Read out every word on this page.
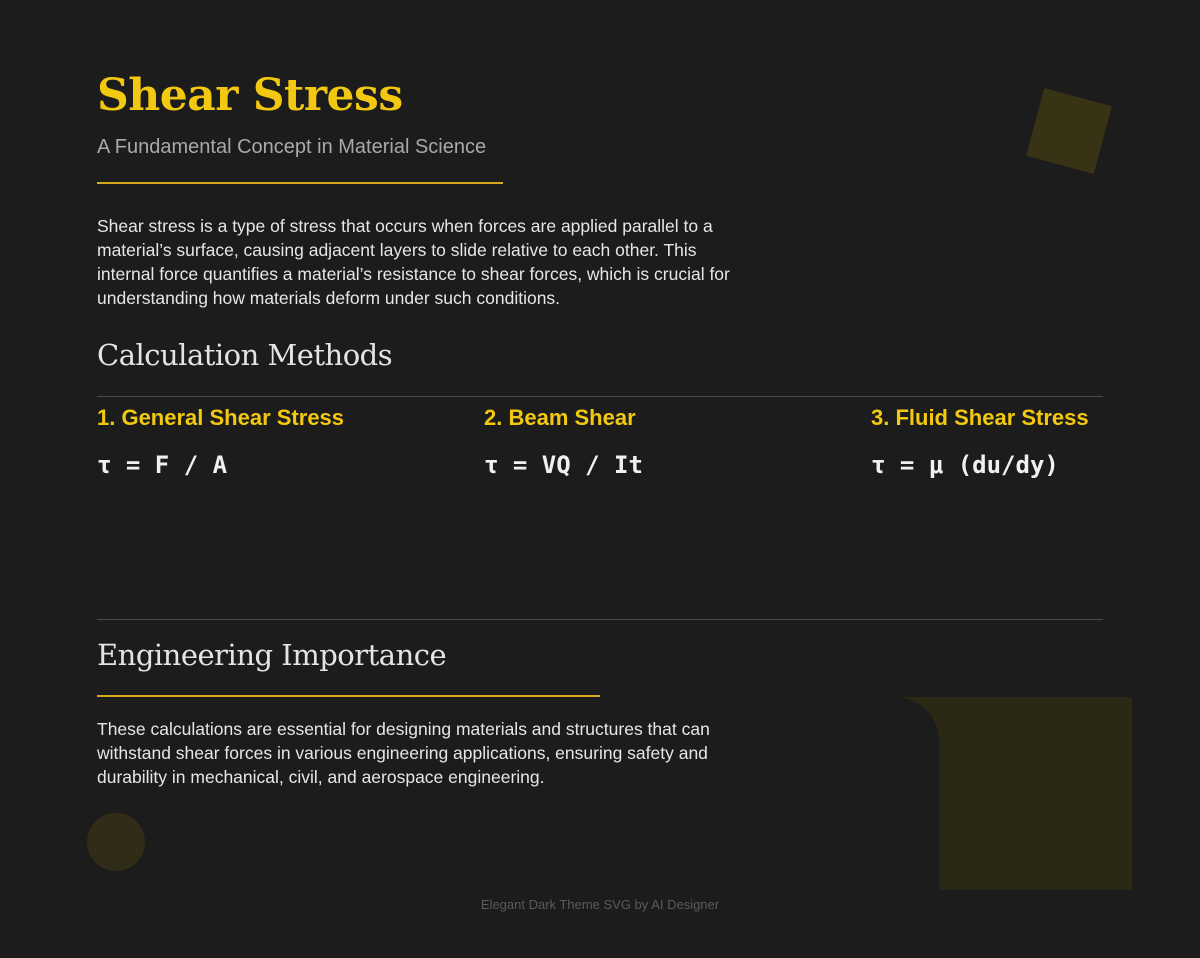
Shear Stress
A Fundamental Concept in Material Science

Shear stress is a type of stress that occurs when forces are applied parallel to a material’s surface, causing adjacent layers to slide relative to each other. This internal force quantifies a material’s resistance to shear forces, which is crucial for understanding how materials deform under such conditions.

Calculation Methods
1. General Shear Stress
τ = F / A
2. Beam Shear
τ = VQ / It
3. Fluid Shear Stress
τ = μ (du/dy)
Engineering Importance

These calculations are essential for designing materials and structures that can withstand shear forces in various engineering applications, ensuring safety and durability in mechanical, civil, and aerospace engineering.

Elegant Dark Theme SVG by AI Designer
